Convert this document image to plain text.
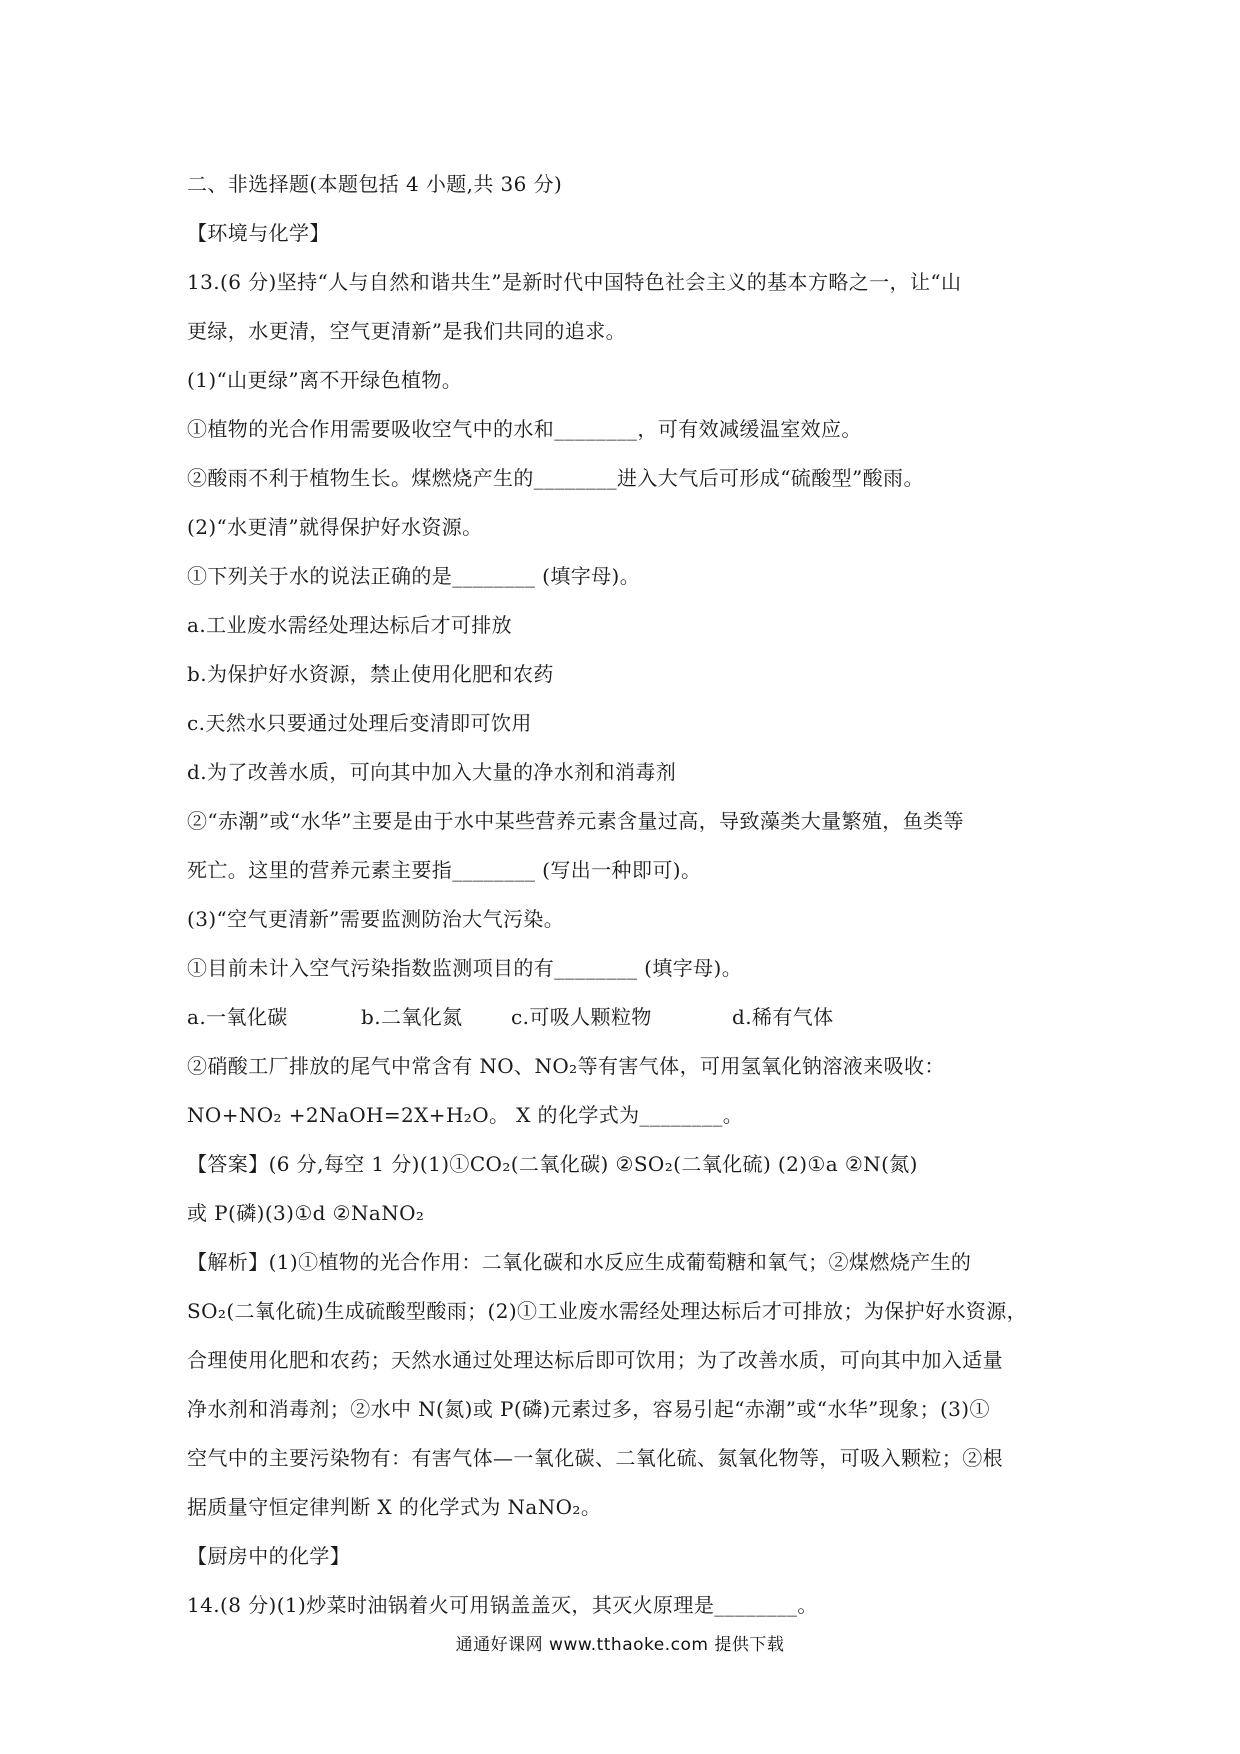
二、非选择题(本题包括 4 小题,共 36 分)
【环境与化学】
13.(6 分)坚持“人与自然和谐共生”是新时代中国特色社会主义的基本方略之一，让“山
更绿，水更清，空气更清新”是我们共同的追求。
(1)“山更绿”离不开绿色植物。
①植物的光合作用需要吸收空气中的水和________，可有效减缓温室效应。
②酸雨不利于植物生长。煤燃烧产生的________进入大气后可形成“硫酸型”酸雨。
(2)“水更清”就得保护好水资源。
①下列关于水的说法正确的是________ (填字母)。
a.工业废水需经处理达标后才可排放
b.为保护好水资源，禁止使用化肥和农药
c.天然水只要通过处理后变清即可饮用
d.为了改善水质，可向其中加入大量的净水剂和消毒剂
②“赤潮”或“水华”主要是由于水中某些营养元素含量过高，导致藻类大量繁殖，鱼类等
死亡。这里的营养元素主要指________ (写出一种即可)。
(3)“空气更清新”需要监测防治大气污染。
①目前未计入空气污染指数监测项目的有________ (填字母)。
a.一氧化碳	b.二氧化氮	c.可吸人颗粒物	d.稀有气体
②硝酸工厂排放的尾气中常含有 NO、NO₂等有害气体，可用氢氧化钠溶液来吸收：
NO+NO₂ +2NaOH=2X+H₂O。 X 的化学式为________。
【答案】(6 分,每空 1 分)(1)①CO₂(二氧化碳) ②SO₂(二氧化硫) (2)①a ②N(氮)
或 P(磷)(3)①d ②NaNO₂
【解析】(1)①植物的光合作用：二氧化碳和水反应生成葡萄糖和氧气；②煤燃烧产生的
SO₂(二氧化硫)生成硫酸型酸雨；(2)①工业废水需经处理达标后才可排放；为保护好水资源，
合理使用化肥和农药；天然水通过处理达标后即可饮用；为了改善水质，可向其中加入适量
净水剂和消毒剂；②水中 N(氮)或 P(磷)元素过多，容易引起“赤潮”或“水华”现象；(3)①
空气中的主要污染物有：有害气体—一氧化碳、二氧化硫、氮氧化物等，可吸入颗粒；②根
据质量守恒定律判断 X 的化学式为 NaNO₂。
【厨房中的化学】
14.(8 分)(1)炒菜时油锅着火可用锅盖盖灭，其灭火原理是________。
通通好课网 www.tthaoke.com 提供下载
